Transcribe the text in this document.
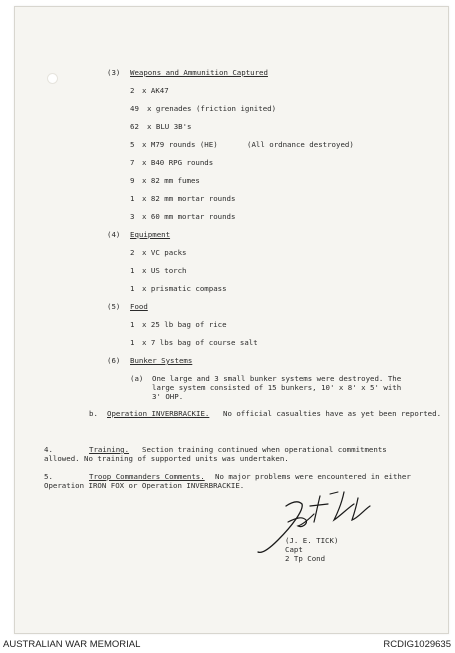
(3) Weapons and Ammunition Captured
2 x AK47
49 x grenades (friction ignited)
62 x BLU 3B's
5 x M79 rounds (HE)	(All ordnance destroyed)
7 x B40 RPG rounds
9 x 82 mm fumes
1 x 82 mm mortar rounds
3 x 60 mm mortar rounds
(4) Equipment
2 x VC packs
1 x US torch
1 x prismatic compass
(5) Food
1 x 25 lb bag of rice
1 x 7 lbs bag of course salt
(6) Bunker Systems
(a) One large and 3 small bunker systems were destroyed. The
large system consisted of 15 bunkers, 10' x 8' x 5' with
3' OHP.
b. Operation INVERBRACKIE. No official casualties have as yet been reported.
4.	Training. Section training continued when operational commitments
allowed. No training of supported units was undertaken.
5.	Troop Commanders Comments. No major problems were encountered in either
Operation IRON FOX or Operation INVERBRACKIE.
(J. E. TICK)
Capt
2 Tp Cond
AUSTRALIAN WAR MEMORIAL	RCDIG1029635
